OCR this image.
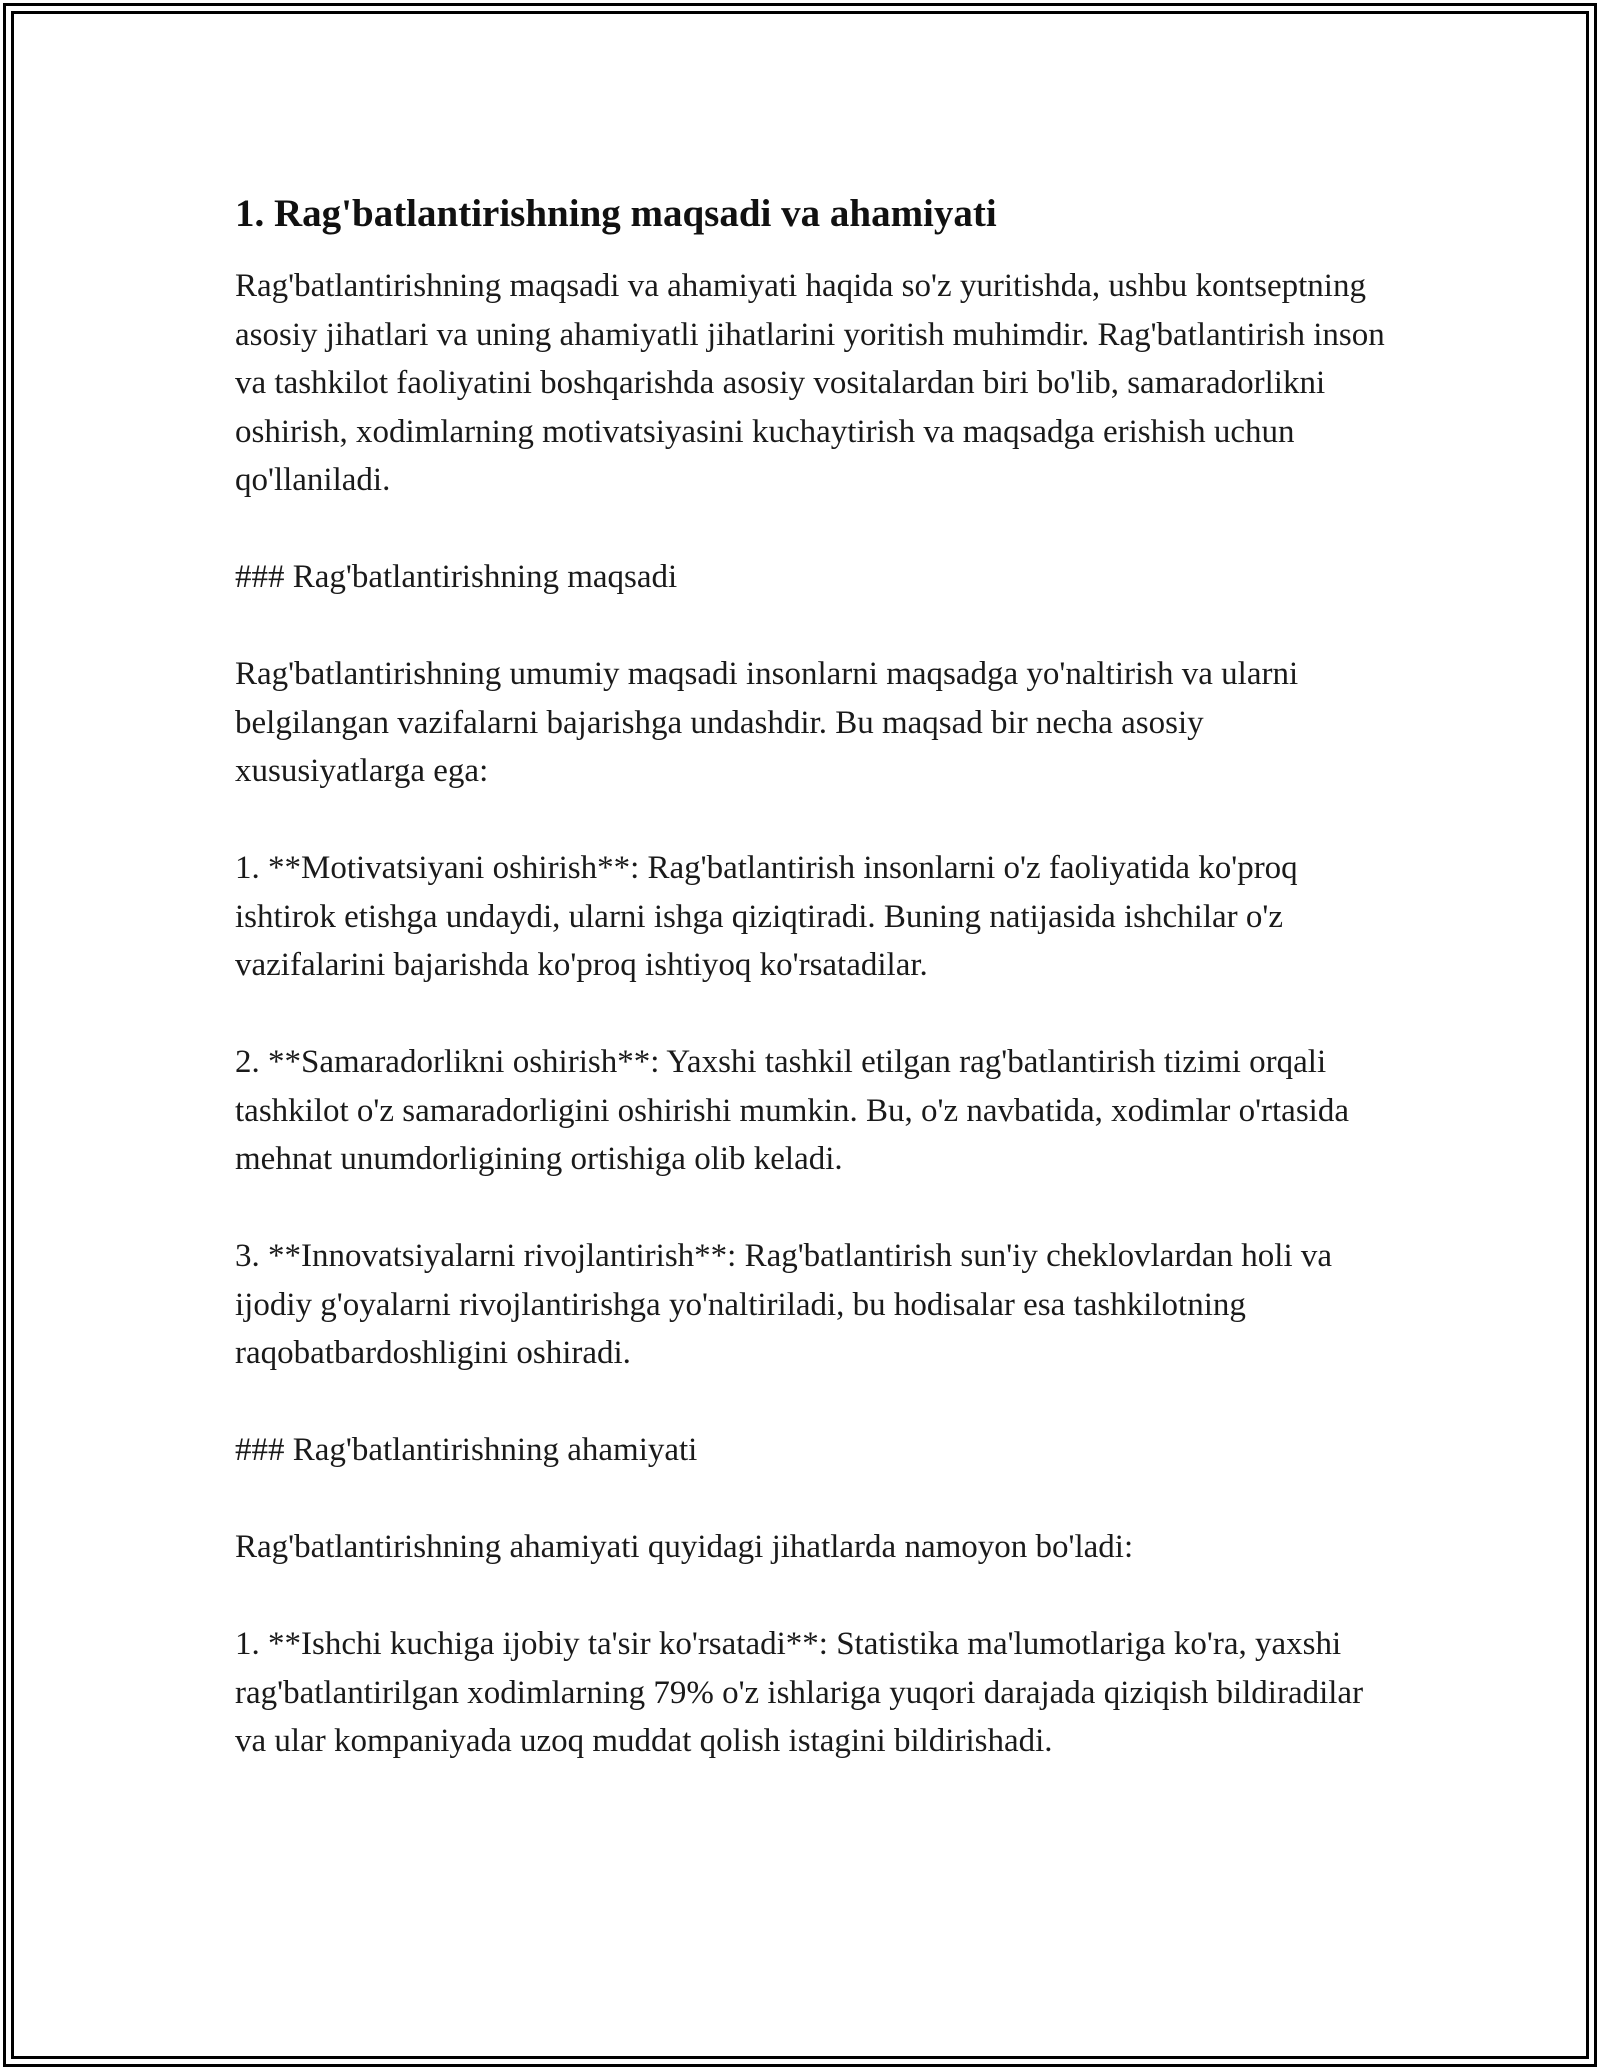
1. Rag'batlantirishning maqsadi va ahamiyati

Rag'batlantirishning maqsadi va ahamiyati haqida so'z yuritishda, ushbu kontseptning asosiy jihatlari va uning ahamiyatli jihatlarini yoritish muhimdir. Rag'batlantirish inson va tashkilot faoliyatini boshqarishda asosiy vositalardan biri bo'lib, samaradorlikni oshirish, xodimlarning motivatsiyasini kuchaytirish va maqsadga erishish uchun qo'llaniladi.

### Rag'batlantirishning maqsadi

Rag'batlantirishning umumiy maqsadi insonlarni maqsadga yo'naltirish va ularni belgilangan vazifalarni bajarishga undashdir. Bu maqsad bir necha asosiy xususiyatlarga ega:

1. **Motivatsiyani oshirish**: Rag'batlantirish insonlarni o'z faoliyatida ko'proq ishtirok etishga undaydi, ularni ishga qiziqtiradi. Buning natijasida ishchilar o'z vazifalarini bajarishda ko'proq ishtiyoq ko'rsatadilar.

2. **Samaradorlikni oshirish**: Yaxshi tashkil etilgan rag'batlantirish tizimi orqali tashkilot o'z samaradorligini oshirishi mumkin. Bu, o'z navbatida, xodimlar o'rtasida mehnat unumdorligining ortishiga olib keladi.

3. **Innovatsiyalarni rivojlantirish**: Rag'batlantirish sun'iy cheklovlardan holi va ijodiy g'oyalarni rivojlantirishga yo'naltiriladi, bu hodisalar esa tashkilotning raqobatbardoshligini oshiradi.

### Rag'batlantirishning ahamiyati

Rag'batlantirishning ahamiyati quyidagi jihatlarda namoyon bo'ladi:

1. **Ishchi kuchiga ijobiy ta'sir ko'rsatadi**: Statistika ma'lumotlariga ko'ra, yaxshi rag'batlantirilgan xodimlarning 79% o'z ishlariga yuqori darajada qiziqish bildiradilar va ular kompaniyada uzoq muddat qolish istagini bildirishadi.
